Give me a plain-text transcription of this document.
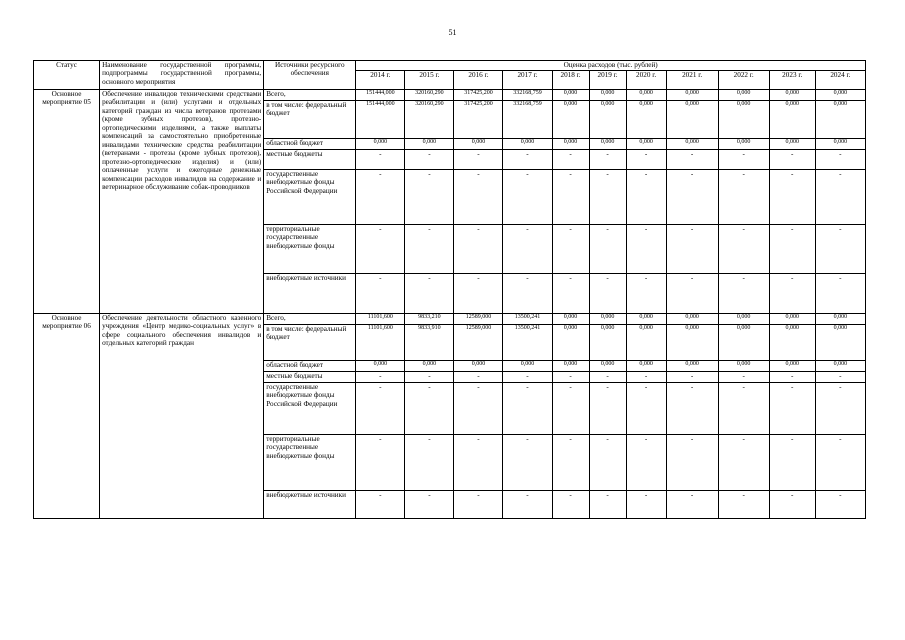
51
Статус	Наименование государственной программы, подпрограммы государственной программы, основного мероприятия	Источники ресурсного обеспечения	Оценка расходов (тыс. рублей)										
			2014 г.	2015 г.	2016 г.	2017 г.	2018 г.	2019 г.	2020 г.	2021 г.	2022 г.	2023 г.	2024 г.
Основное мероприятие 05	Обеспечение инвалидов техническими средствами реабилитации и (или) услугами и отдельных категорий граждан из числа ветеранов протезами (кроме зубных протезов), протезно-ортопедическими изделиями, а также выплаты компенсаций за самостоятельно приобретенные инвалидами технические средства реабилитации (ветеранами - протезы (кроме зубных протезов), протезно-ортопедические изделия) и (или) оплаченные услуги и ежегодные денежные компенсации расходов инвалидов на содержание и ветеринарное обслуживание собак-проводников	Всего,	151444,000	320160,290	317425,200	332168,759	0,000	0,000	0,000	0,000	0,000	0,000	0,000
		в том числе: федеральный бюджет	151444,000	320160,290	317425,200	332168,759	0,000	0,000	0,000	0,000	0,000	0,000	0,000
		областной бюджет	0,000	0,000	0,000	0,000	0,000	0,000	0,000	0,000	0,000	0,000	0,000
		местные бюджеты	-	-	-	-	-	-	-	-	-	-	-
		государственные внебюджетные фонды Российской Федерации	-	-	-	-	-	-	-	-	-	-	-
		территориальные государственные внебюджетные фонды	-	-	-	-	-	-	-	-	-	-	-
		внебюджетные источники	-	-	-	-	-	-	-	-	-	-	-
Основное мероприятие 06	Обеспечение деятельности областного казенного учреждения «Центр медико-социальных услуг» в сфере социального обеспечения инвалидов и отдельных категорий граждан	Всего,	11101,600	9833,210	12589,000	13500,241	0,000	0,000	0,000	0,000	0,000	0,000	0,000
		в том числе: федеральный бюджет	11101,600	9833,910	12589,000	13500,241	0,000	0,000	0,000	0,000	0,000	0,000	0,000
		областной бюджет	0,000	0,000	0,000	0,000	0,000	0,000	0,000	0,000	0,000	0,000	0,000
		местные бюджеты	-	-	-	-	-	-	-	-	-	-	-
		государственные внебюджетные фонды Российской Федерации	-	-	-	-	-	-	-	-	-	-	-
		территориальные государственные внебюджетные фонды	-	-	-	-	-	-	-	-	-	-	-
		внебюджетные источники	-	-	-	-	-	-	-	-	-	-	-
